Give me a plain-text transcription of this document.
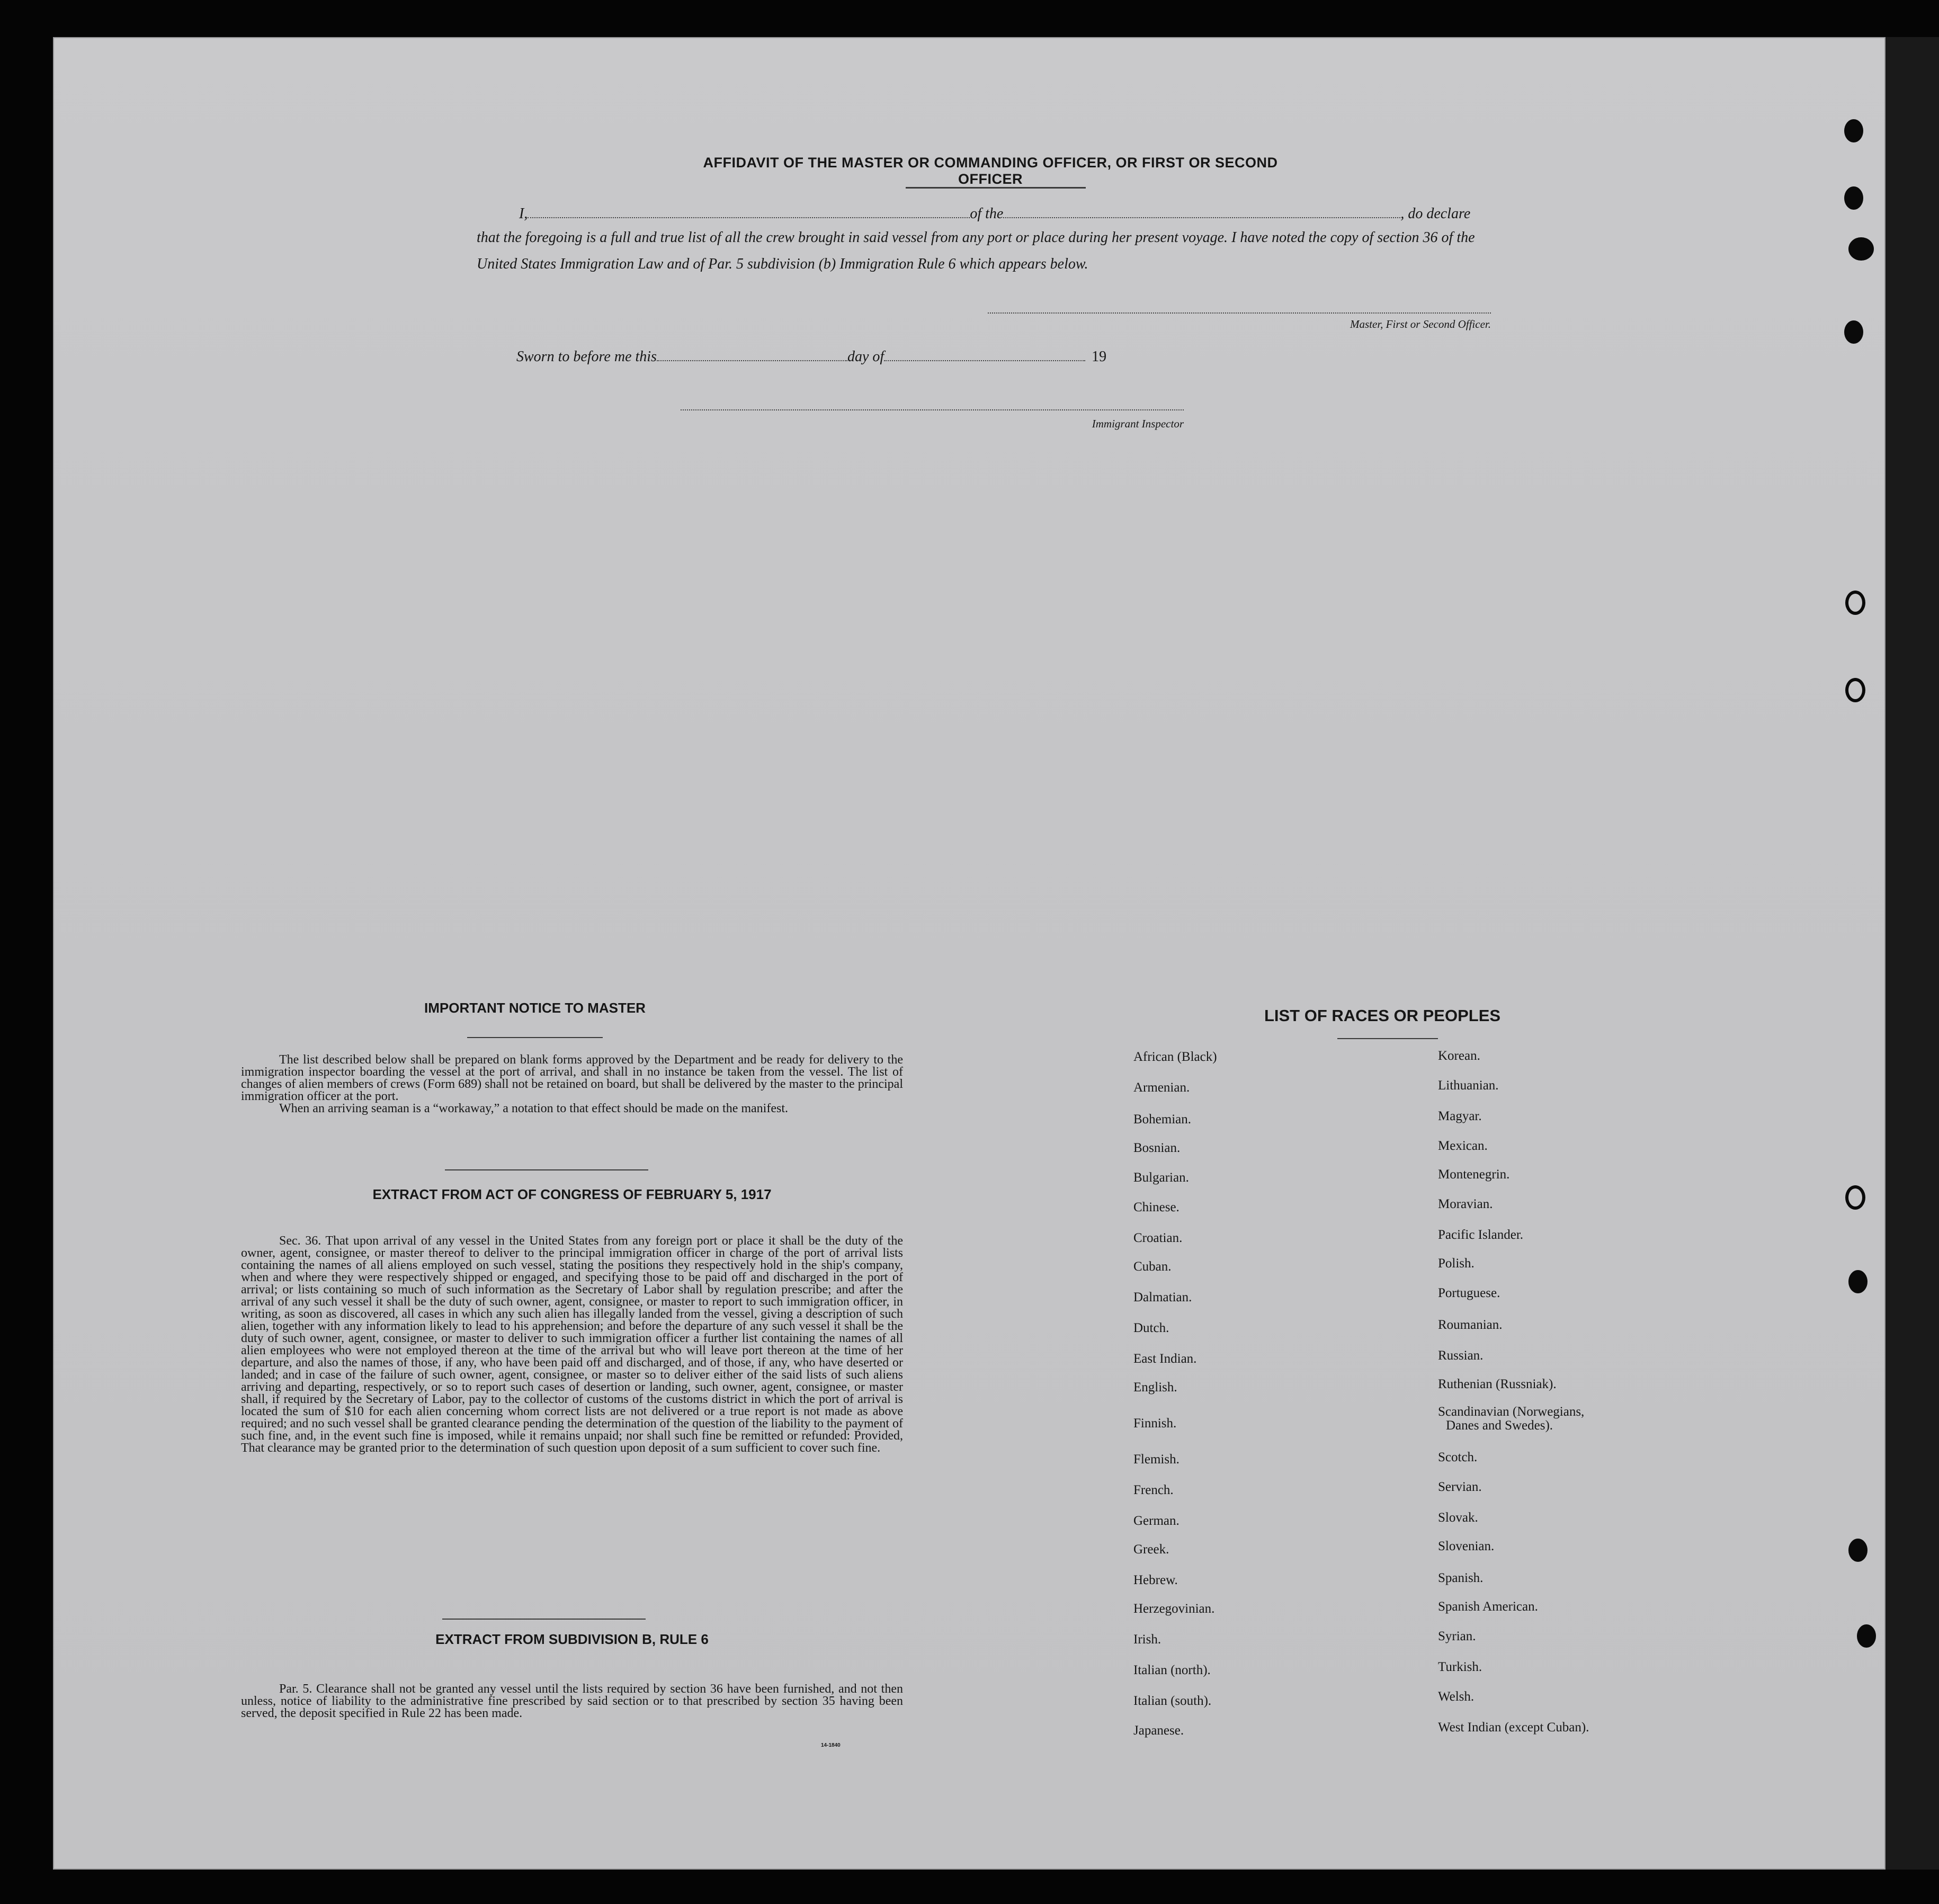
AFFIDAVIT OF THE MASTER OR COMMANDING OFFICER, OR FIRST OR SECOND OFFICER
I,	of the	, do declare
that the foregoing is a full and true list of all the crew brought in said vessel from any port or place during her present voyage. I have noted the copy of section 36 of the United States Immigration Law and of Par. 5 subdivision (b) Immigration Rule 6 which appears below.
Master, First or Second Officer.
Sworn to before me this	day of	19
Immigrant Inspector
IMPORTANT NOTICE TO MASTER

The list described below shall be prepared on blank forms approved by the Department and be ready for delivery to the immigration inspector boarding the vessel at the port of arrival, and shall in no instance be taken from the vessel. The list of changes of alien members of crews (Form 689) shall not be retained on board, but shall be delivered by the master to the principal immigration officer at the port.

When an arriving seaman is a “workaway,” a notation to that effect should be made on the manifest.

EXTRACT FROM ACT OF CONGRESS OF FEBRUARY 5, 1917

Sec. 36. That upon arrival of any vessel in the United States from any foreign port or place it shall be the duty of the owner, agent, consignee, or master thereof to deliver to the principal immigration officer in charge of the port of arrival lists containing the names of all aliens employed on such vessel, stating the positions they respectively hold in the ship's company, when and where they were respectively shipped or engaged, and specifying those to be paid off and discharged in the port of arrival; or lists containing so much of such information as the Secretary of Labor shall by regulation prescribe; and after the arrival of any such vessel it shall be the duty of such owner, agent, consignee, or master to report to such immigration officer, in writing, as soon as discovered, all cases in which any such alien has illegally landed from the vessel, giving a description of such alien, together with any information likely to lead to his apprehension; and before the departure of any such vessel it shall be the duty of such owner, agent, consignee, or master to deliver to such immigration officer a further list containing the names of all alien employees who were not employed thereon at the time of the arrival but who will leave port thereon at the time of her departure, and also the names of those, if any, who have been paid off and discharged, and of those, if any, who have deserted or landed; and in case of the failure of such owner, agent, consignee, or master so to deliver either of the said lists of such aliens arriving and departing, respectively, or so to report such cases of desertion or landing, such owner, agent, consignee, or master shall, if required by the Secretary of Labor, pay to the collector of customs of the customs district in which the port of arrival is located the sum of $10 for each alien concerning whom correct lists are not delivered or a true report is not made as above required; and no such vessel shall be granted clearance pending the determination of the question of the liability to the payment of such fine, and, in the event such fine is imposed, while it remains unpaid; nor shall such fine be remitted or refunded: Provided, That clearance may be granted prior to the determination of such question upon deposit of a sum sufficient to cover such fine.

EXTRACT FROM SUBDIVISION B, RULE 6

Par. 5. Clearance shall not be granted any vessel until the lists required by section 36 have been furnished, and not then unless, notice of liability to the administrative fine prescribed by said section or to that prescribed by section 35 having been served, the deposit specified in Rule 22 has been made.

14-1840
LIST OF RACES OR PEOPLES
African (Black)
Armenian.
Bohemian.
Bosnian.
Bulgarian.
Chinese.
Croatian.
Cuban.
Dalmatian.
Dutch.
East Indian.
English.
Finnish.
Flemish.
French.
German.
Greek.
Hebrew.
Herzegovinian.
Irish.
Italian (north).
Italian (south).
Japanese.
Korean.
Lithuanian.
Magyar.
Mexican.
Montenegrin.
Moravian.
Pacific Islander.
Polish.
Portuguese.
Roumanian.
Russian.
Ruthenian (Russniak).
Scandinavian (Norwegians,
Danes and Swedes).
Scotch.
Servian.
Slovak.
Slovenian.
Spanish.
Spanish American.
Syrian.
Turkish.
Welsh.
West Indian (except Cuban).
